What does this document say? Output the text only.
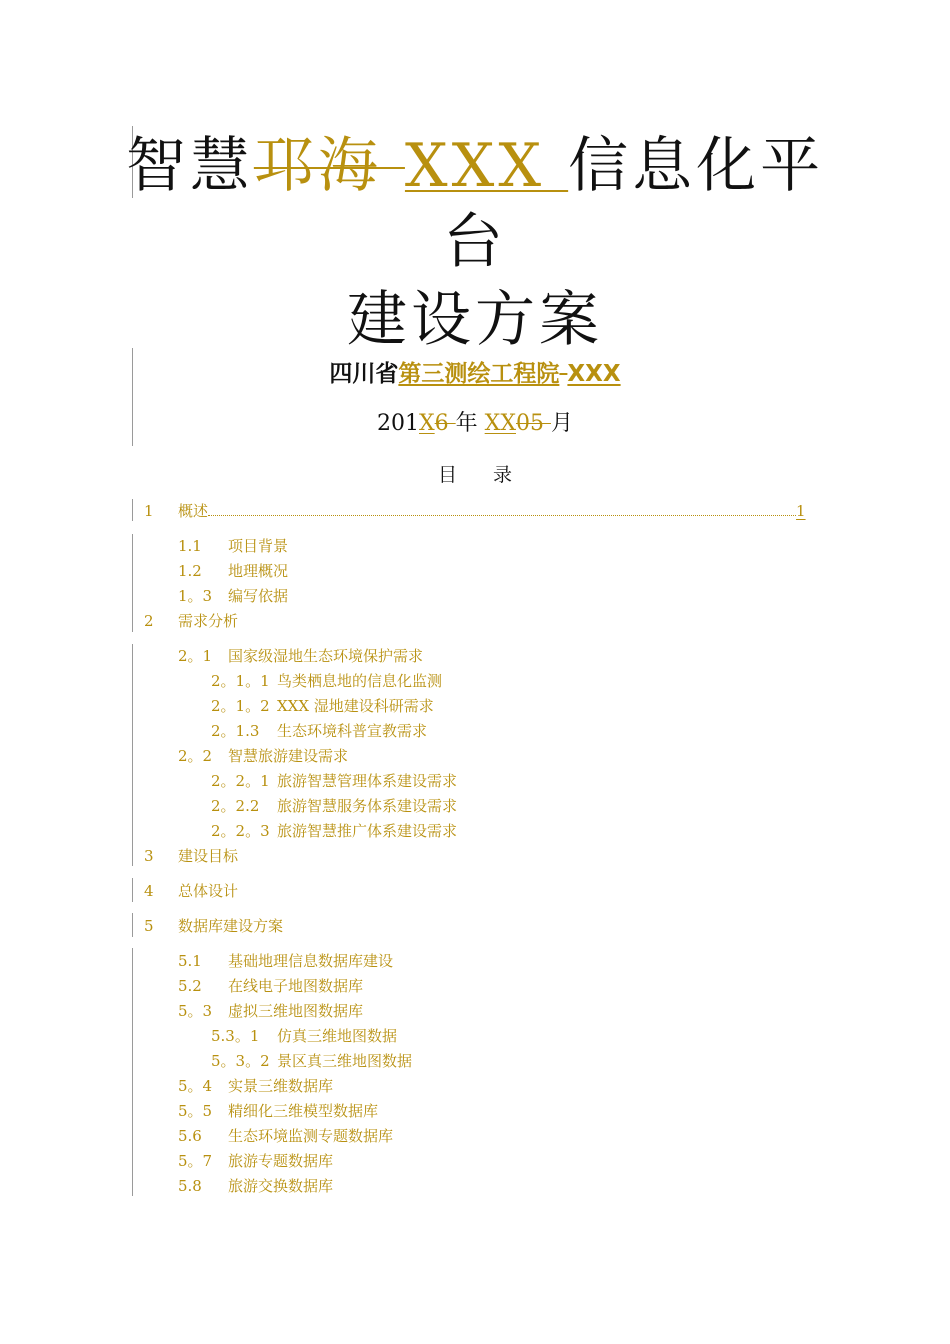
智慧邛海 XXX 信息化平
台
建设方案
四川省第三测绘工程院 XXX
201X6 年 XX05 月
目 录
1 概述	1
1.1 项目背景
1.2 地理概况
1。3 编写依据
2 需求分析
2。1 国家级湿地生态环境保护需求
2。1。1 鸟类栖息地的信息化监测
2。1。2 XXX 湿地建设科研需求
2。1.3 生态环境科普宣教需求
2。2 智慧旅游建设需求
2。2。1 旅游智慧管理体系建设需求
2。2.2 旅游智慧服务体系建设需求
2。2。3 旅游智慧推广体系建设需求
3 建设目标
4 总体设计
5 数据库建设方案
5.1 基础地理信息数据库建设
5.2 在线电子地图数据库
5。3 虚拟三维地图数据库
5.3。1 仿真三维地图数据
5。3。2 景区真三维地图数据
5。4 实景三维数据库
5。5 精细化三维模型数据库
5.6 生态环境监测专题数据库
5。7 旅游专题数据库
5.8 旅游交换数据库
